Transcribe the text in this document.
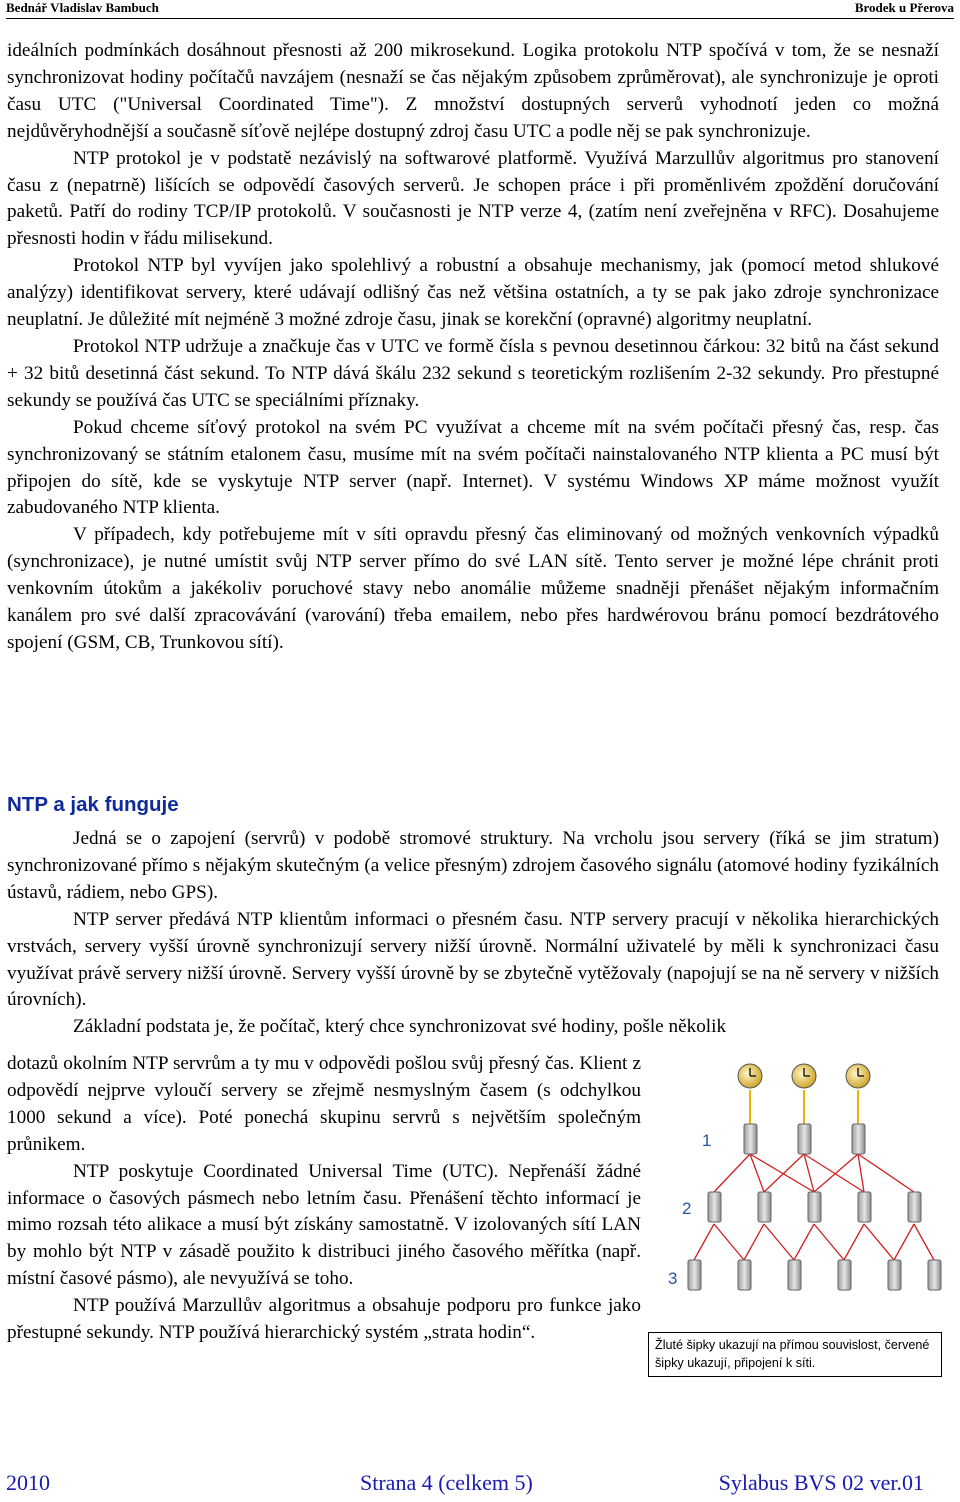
Bednář Vladislav Bambuch	Brodek u Přerova

ideálních podmínkách dosáhnout přesnosti až 200 mikrosekund. Logika protokolu NTP spočívá v tom, že se nesnaží synchronizovat hodiny počítačů navzájem (nesnaží se čas nějakým způsobem zprůměrovat), ale synchronizuje je oproti času UTC ("Universal Coordinated Time"). Z množství dostupných serverů vyhodnotí jeden co možná nejdůvěryhodnější a současně síťově nejlépe dostupný zdroj času UTC a podle něj se pak synchronizuje.

NTP protokol je v podstatě nezávislý na softwarové platformě. Využívá Marzullův algoritmus pro stanovení času z (nepatrně) lišících se odpovědí časových serverů. Je schopen práce i při proměnlivém zpoždění doručování paketů. Patří do rodiny TCP/IP protokolů. V současnosti je NTP verze 4, (zatím není zveřejněna v RFC). Dosahujeme přesnosti hodin v řádu milisekund.

Protokol NTP byl vyvíjen jako spolehlivý a robustní a obsahuje mechanismy, jak (pomocí metod shlukové analýzy) identifikovat servery, které udávají odlišný čas než většina ostatních, a ty se pak jako zdroje synchronizace neuplatní. Je důležité mít nejméně 3 možné zdroje času, jinak se korekční (opravné) algoritmy neuplatní.

Protokol NTP udržuje a značkuje čas v UTC ve formě čísla s pevnou desetinnou čárkou: 32 bitů na část sekund + 32 bitů desetinná část sekund. To NTP dává škálu 232 sekund s teoretickým rozlišením 2-32 sekundy. Pro přestupné sekundy se používá čas UTC se speciálními příznaky.

Pokud chceme síťový protokol na svém PC využívat a chceme mít na svém počítači přesný čas, resp. čas synchronizovaný se státním etalonem času, musíme mít na svém počítači nainstalovaného NTP klienta a PC musí být připojen do sítě, kde se vyskytuje NTP server (např. Internet). V systému Windows XP máme možnost využít zabudovaného NTP klienta.

V případech, kdy potřebujeme mít v síti opravdu přesný čas eliminovaný od možných venkovních výpadků (synchronizace), je nutné umístit svůj NTP server přímo do své LAN sítě. Tento server je možné lépe chránit proti venkovním útokům a jakékoliv poruchové stavy nebo anomálie můžeme snadněji přenášet nějakým informačním kanálem pro své další zpracovávání (varování) třeba emailem, nebo přes hardwérovou bránu pomocí bezdrátového spojení (GSM, CB, Trunkovou sítí).

NTP a jak funguje

Jedná se o zapojení (servrů) v podobě stromové struktury. Na vrcholu jsou servery (říká se jim stratum) synchronizované přímo s nějakým skutečným (a velice přesným) zdrojem časového signálu (atomové hodiny fyzikálních ústavů, rádiem, nebo GPS).

NTP server předává NTP klientům informaci o přesném času. NTP servery pracují v několika hierarchických vrstvách, servery vyšší úrovně synchronizují servery nižší úrovně. Normální uživatelé by měli k synchronizaci času využívat právě servery nižší úrovně. Servery vyšší úrovně by se zbytečně vytěžovaly (napojují se na ně servery v nižších úrovních).

Základní podstata je, že počítač, který chce synchronizovat své hodiny, pošle několik

dotazů okolním NTP servrům a ty mu v odpovědi pošlou svůj přesný čas. Klient z odpovědí nejprve vyloučí servery se zřejmě nesmyslným časem (s odchylkou 1000 sekund a více). Poté ponechá skupinu servrů s největším společným průnikem.

NTP poskytuje Coordinated Universal Time (UTC). Nepřenáší žádné informace o časových pásmech nebo letním času. Přenášení těchto informací je mimo rozsah této alikace a musí být získány samostatně. V izolovaných sítí LAN by mohlo být NTP v zásadě použito k distribuci jiného časového měřítka (např. místní časové pásmo), ale nevyužívá se toho.

NTP používá Marzullův algoritmus a obsahuje podporu pro funkce jako přestupné sekundy. NTP používá hierarchický systém „strata hodin“.

1
2
3
Žluté šipky ukazují na přímou souvislost, červené šipky ukazují, připojení k síti.
2010	Strana 4 (celkem 5)	Sylabus BVS 02 ver.01
